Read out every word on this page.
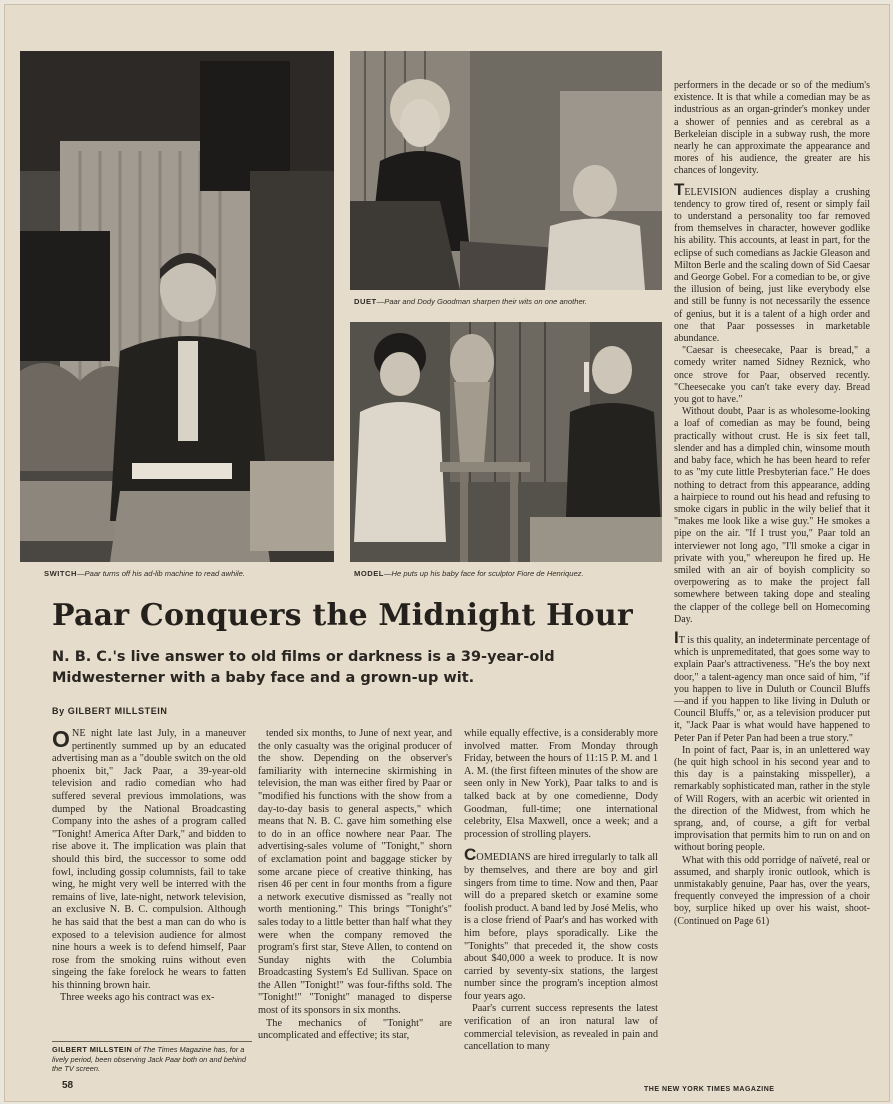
SWITCH—Paar turns off his ad-lib machine to read awhile.
DUET—Paar and Dody Goodman sharpen their wits on one another.
MODEL—He puts up his baby face for sculptor Fiore de Henriquez.
Paar Conquers the Midnight Hour
N. B. C.'s live answer to old films or darkness is a 39-year-old Midwesterner with a baby face and a grown-up wit.
By GILBERT MILLSTEIN
ONE night late last July, in a maneuver pertinently summed up by an educated advertising man as a "double switch on the old phoenix bit," Jack Paar, a 39-year-old television and radio comedian who had suffered several previous immolations, was dumped by the National Broadcasting Company into the ashes of a program called "Tonight! America After Dark," and bidden to rise above it. The implication was plain that should this bird, the successor to some odd fowl, including gossip columnists, fail to take wing, he might very well be interred with the remains of live, late-night, network television, an exclusive N. B. C. compulsion. Although he has said that the best a man can do who is exposed to a television audience for almost nine hours a week is to defend himself, Paar rose from the smoking ruins without even singeing the fake forelock he wears to fatten his thinning brown hair.
Three weeks ago his contract was ex-
GILBERT MILLSTEIN of The Times Magazine has, for a lively period, been observing Jack Paar both on and behind the TV screen.
tended six months, to June of next year, and the only casualty was the original producer of the show. Depending on the observer's familiarity with internecine skirmishing in television, the man was either fired by Paar or "modified his functions with the show from a day-to-day basis to general aspects," which means that N. B. C. gave him something else to do in an office nowhere near Paar. The advertising-sales volume of "Tonight," shorn of exclamation point and baggage sticker by some arcane piece of creative thinking, has risen 46 per cent in four months from a figure a network executive dismissed as "really not worth mentioning." This brings "Tonight's" sales today to a little better than half what they were when the company removed the program's first star, Steve Allen, to contend on Sunday nights with the Columbia Broadcasting System's Ed Sullivan. Space on the Allen "Tonight!" was four-fifths sold. The "Tonight!" "Tonight" managed to disperse most of its sponsors in six months.
The mechanics of "Tonight" are uncomplicated and effective; its star,
while equally effective, is a considerably more involved matter. From Monday through Friday, between the hours of 11:15 P. M. and 1 A. M. (the first fifteen minutes of the show are seen only in New York), Paar talks to and is talked back at by one comedienne, Dody Goodman, full-time; one international celebrity, Elsa Maxwell, once a week; and a procession of strolling players.
COMEDIANS are hired irregularly to talk all by themselves, and there are boy and girl singers from time to time. Now and then, Paar will do a prepared sketch or examine some foolish product. A band led by José Melis, who is a close friend of Paar's and has worked with him before, plays sporadically. Like the "Tonights" that preceded it, the show costs about $40,000 a week to produce. It is now carried by seventy-six stations, the largest number since the program's inception almost four years ago.
Paar's current success represents the latest verification of an iron natural law of commercial television, as revealed in pain and cancellation to many
performers in the decade or so of the medium's existence. It is that while a comedian may be as industrious as an organ-grinder's monkey under a shower of pennies and as cerebral as a Berkeleian disciple in a subway rush, the more nearly he can approximate the appearance and mores of his audience, the greater are his chances of longevity.
TELEVISION audiences display a crushing tendency to grow tired of, resent or simply fail to understand a personality too far removed from themselves in character, however godlike his ability. This accounts, at least in part, for the eclipse of such comedians as Jackie Gleason and Milton Berle and the scaling down of Sid Caesar and George Gobel. For a comedian to be, or give the illusion of being, just like everybody else and still be funny is not necessarily the essence of genius, but it is a talent of a high order and one that Paar possesses in marketable abundance.
"Caesar is cheesecake, Paar is bread," a comedy writer named Sidney Reznick, who once strove for Paar, observed recently. "Cheesecake you can't take every day. Bread you got to have."
Without doubt, Paar is as wholesome-looking a loaf of comedian as may be found, being practically without crust. He is six feet tall, slender and has a dimpled chin, winsome mouth and baby face, which he has been heard to refer to as "my cute little Presbyterian face." He does nothing to detract from this appearance, adding a hairpiece to round out his head and refusing to smoke cigars in public in the wily belief that it "makes me look like a wise guy." He smokes a pipe on the air. "If I trust you," Paar told an interviewer not long ago, "I'll smoke a cigar in private with you," whereupon he fired up. He smiled with an air of boyish complicity so overpowering as to make the project fall somewhere between taking dope and stealing the clapper of the college bell on Homecoming Day.
IT is this quality, an indeterminate percentage of which is unpremeditated, that goes some way to explain Paar's attractiveness. "He's the boy next door," a talent-agency man once said of him, "if you happen to live in Duluth or Council Bluffs—and if you happen to like living in Duluth or Council Bluffs," or, as a television producer put it, "Jack Paar is what would have happened to Peter Pan if Peter Pan had been a true story."
In point of fact, Paar is, in an unlettered way (he quit high school in his second year and to this day is a painstaking misspeller), a remarkably sophisticated man, rather in the style of Will Rogers, with an acerbic wit oriented in the direction of the Midwest, from which he sprang, and, of course, a gift for verbal improvisation that permits him to run on and on without boring people.
What with this odd porridge of naïveté, real or assumed, and sharply ironic outlook, which is unmistakably genuine, Paar has, over the years, frequently conveyed the impression of a choir boy, surplice hiked up over his waist, shoot- (Continued on Page 61)
58	THE NEW YORK TIMES MAGAZINE
